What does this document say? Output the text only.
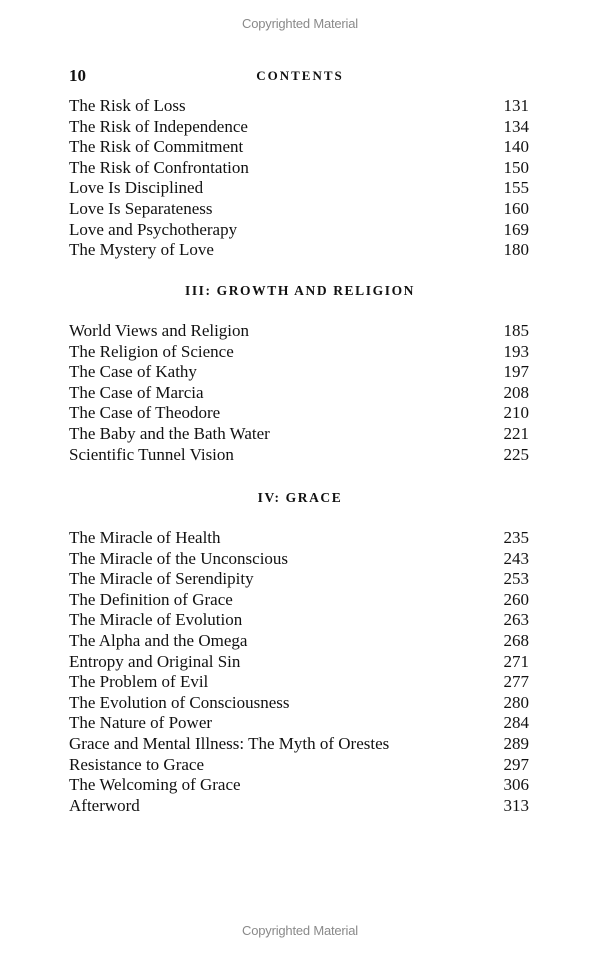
Copyrighted Material
10	CONTENTS
The Risk of Loss	131
The Risk of Independence	134
The Risk of Commitment	140
The Risk of Confrontation	150
Love Is Disciplined	155
Love Is Separateness	160
Love and Psychotherapy	169
The Mystery of Love	180
III: GROWTH AND RELIGION
World Views and Religion	185
The Religion of Science	193
The Case of Kathy	197
The Case of Marcia	208
The Case of Theodore	210
The Baby and the Bath Water	221
Scientific Tunnel Vision	225
IV: GRACE
The Miracle of Health	235
The Miracle of the Unconscious	243
The Miracle of Serendipity	253
The Definition of Grace	260
The Miracle of Evolution	263
The Alpha and the Omega	268
Entropy and Original Sin	271
The Problem of Evil	277
The Evolution of Consciousness	280
The Nature of Power	284
Grace and Mental Illness: The Myth of Orestes	289
Resistance to Grace	297
The Welcoming of Grace	306
Afterword	313
Copyrighted Material
